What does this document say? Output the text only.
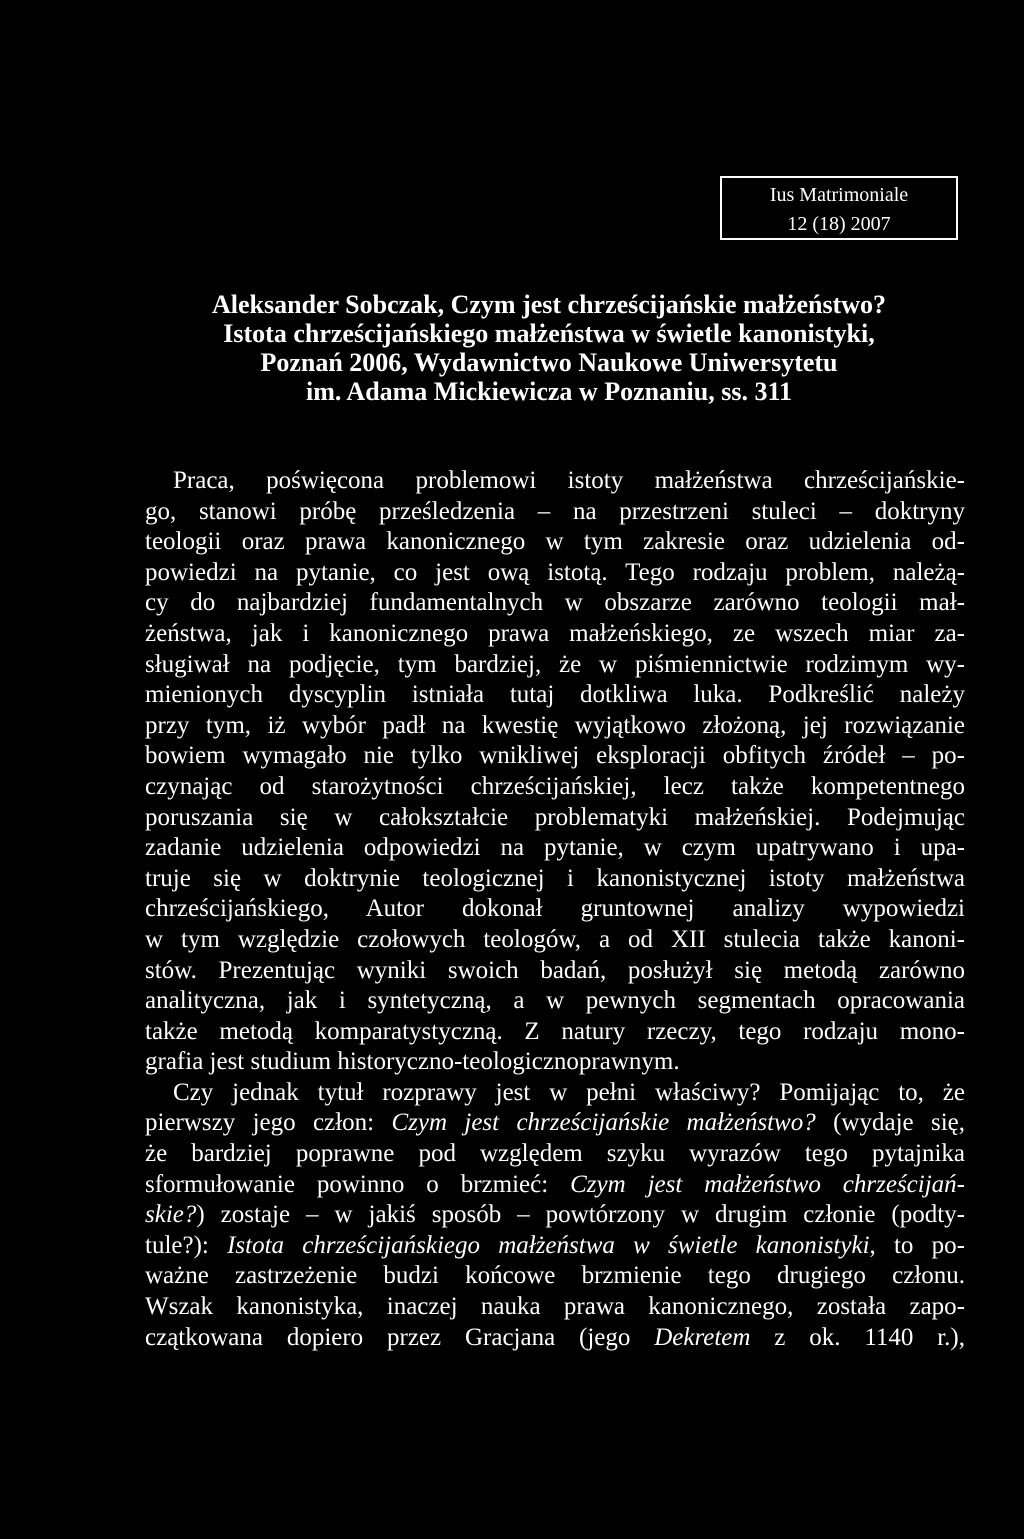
Ius Matrimoniale
12 (18) 2007
Aleksander Sobczak, Czym jest chrześcijańskie małżeństwo?
Istota chrześcijańskiego małżeństwa w świetle kanonistyki,
Poznań 2006, Wydawnictwo Naukowe Uniwersytetu
im. Adama Mickiewicza w Poznaniu, ss. 311
Praca, poświęcona problemowi istoty małżeństwa chrześcijańskie-
go, stanowi próbę prześledzenia – na przestrzeni stuleci – doktryny
teologii oraz prawa kanonicznego w tym zakresie oraz udzielenia od-
powiedzi na pytanie, co jest ową istotą. Tego rodzaju problem, należą-
cy do najbardziej fundamentalnych w obszarze zarówno teologii mał-
żeństwa, jak i kanonicznego prawa małżeńskiego, ze wszech miar za-
sługiwał na podjęcie, tym bardziej, że w piśmiennictwie rodzimym wy-
mienionych dyscyplin istniała tutaj dotkliwa luka. Podkreślić należy
przy tym, iż wybór padł na kwestię wyjątkowo złożoną, jej rozwiązanie
bowiem wymagało nie tylko wnikliwej eksploracji obfitych źródeł – po-
czynając od starożytności chrześcijańskiej, lecz także kompetentnego
poruszania się w całokształcie problematyki małżeńskiej. Podejmując
zadanie udzielenia odpowiedzi na pytanie, w czym upatrywano i upa-
truje się w doktrynie teologicznej i kanonistycznej istoty małżeństwa
chrześcijańskiego, Autor dokonał gruntownej analizy wypowiedzi
w tym względzie czołowych teologów, a od XII stulecia także kanoni-
stów. Prezentując wyniki swoich badań, posłużył się metodą zarówno
analityczna, jak i syntetyczną, a w pewnych segmentach opracowania
także metodą komparatystyczną. Z natury rzeczy, tego rodzaju mono-
grafia jest studium historyczno-teologicznoprawnym.
Czy jednak tytuł rozprawy jest w pełni właściwy? Pomijając to, że
pierwszy jego człon: Czym jest chrześcijańskie małżeństwo? (wydaje się,
że bardziej poprawne pod względem szyku wyrazów tego pytajnika
sformułowanie powinno o brzmieć: Czym jest małżeństwo chrześcijań-
skie?) zostaje – w jakiś sposób – powtórzony w drugim członie (podty-
tule?): Istota chrześcijańskiego małżeństwa w świetle kanonistyki, to po-
ważne zastrzeżenie budzi końcowe brzmienie tego drugiego członu.
Wszak kanonistyka, inaczej nauka prawa kanonicznego, została zapo-
czątkowana dopiero przez Gracjana (jego Dekretem z ok. 1140 r.),
